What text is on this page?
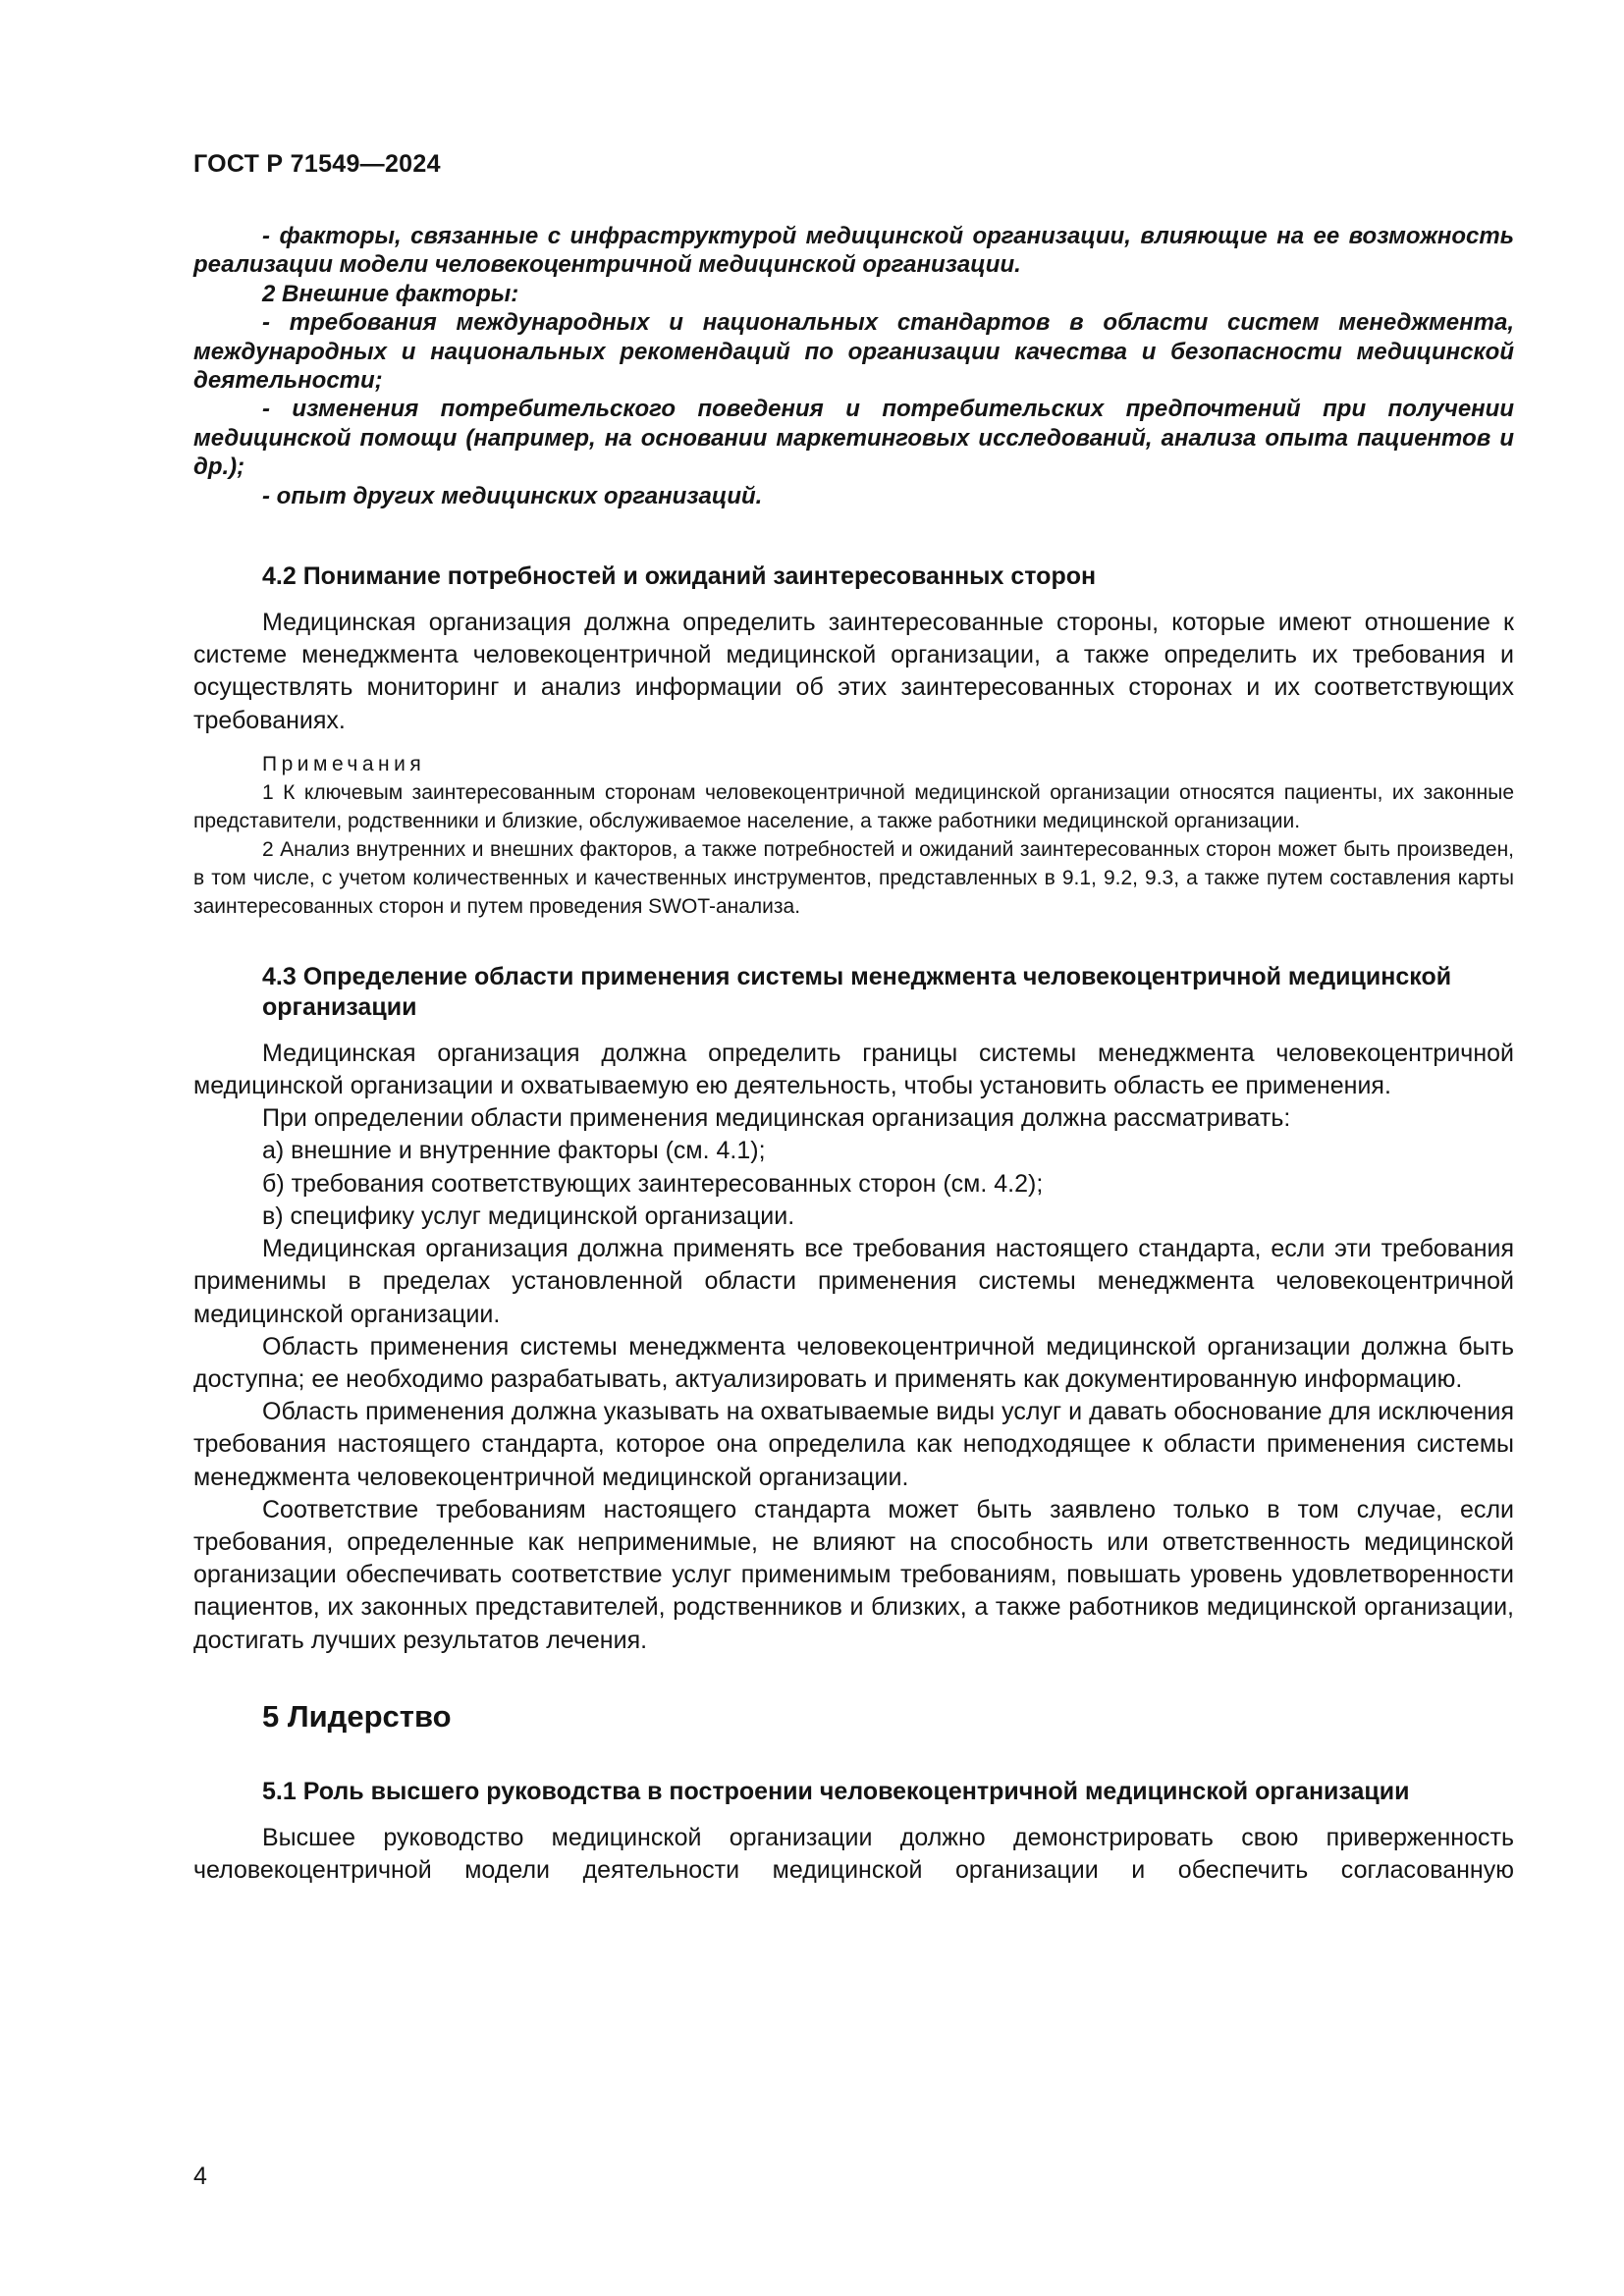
ГОСТ Р 71549—2024

- факторы, связанные с инфраструктурой медицинской организации, влияющие на ее возможность реализации модели человекоцентричной медицинской организации.

2 Внешние факторы:

- требования международных и национальных стандартов в области систем менеджмента, международных и национальных рекомендаций по организации качества и безопасности медицинской деятельности;

- изменения потребительского поведения и потребительских предпочтений при получении медицинской помощи (например, на основании маркетинговых исследований, анализа опыта пациентов и др.);

- опыт других медицинских организаций.

4.2 Понимание потребностей и ожиданий заинтересованных сторон

Медицинская организация должна определить заинтересованные стороны, которые имеют отношение к системе менеджмента человекоцентричной медицинской организации, а также определить их требования и осуществлять мониторинг и анализ информации об этих заинтересованных сторонах и их соответствующих требованиях.

Примечания

1 К ключевым заинтересованным сторонам человекоцентричной медицинской организации относятся пациенты, их законные представители, родственники и близкие, обслуживаемое население, а также работники медицинской организации.

2 Анализ внутренних и внешних факторов, а также потребностей и ожиданий заинтересованных сторон может быть произведен, в том числе, с учетом количественных и качественных инструментов, представленных в 9.1, 9.2, 9.3, а также путем составления карты заинтересованных сторон и путем проведения SWOT-анализа.

4.3 Определение области применения системы менеджмента человекоцентричной медицинской организации

Медицинская организация должна определить границы системы менеджмента человекоцентричной медицинской организации и охватываемую ею деятельность, чтобы установить область ее применения.

При определении области применения медицинская организация должна рассматривать:

а) внешние и внутренние факторы (см. 4.1);

б) требования соответствующих заинтересованных сторон (см. 4.2);

в) специфику услуг медицинской организации.

Медицинская организация должна применять все требования настоящего стандарта, если эти требования применимы в пределах установленной области применения системы менеджмента человекоцентричной медицинской организации.

Область применения системы менеджмента человекоцентричной медицинской организации должна быть доступна; ее необходимо разрабатывать, актуализировать и применять как документированную информацию.

Область применения должна указывать на охватываемые виды услуг и давать обоснование для исключения требования настоящего стандарта, которое она определила как неподходящее к области применения системы менеджмента человекоцентричной медицинской организации.

Соответствие требованиям настоящего стандарта может быть заявлено только в том случае, если требования, определенные как неприменимые, не влияют на способность или ответственность медицинской организации обеспечивать соответствие услуг применимым требованиям, повышать уровень удовлетворенности пациентов, их законных представителей, родственников и близких, а также работников медицинской организации, достигать лучших результатов лечения.

5 Лидерство

5.1 Роль высшего руководства в построении человекоцентричной медицинской организации

Высшее руководство медицинской организации должно демонстрировать свою приверженность человекоцентричной модели деятельности медицинской организации и обеспечить согласованную

4
